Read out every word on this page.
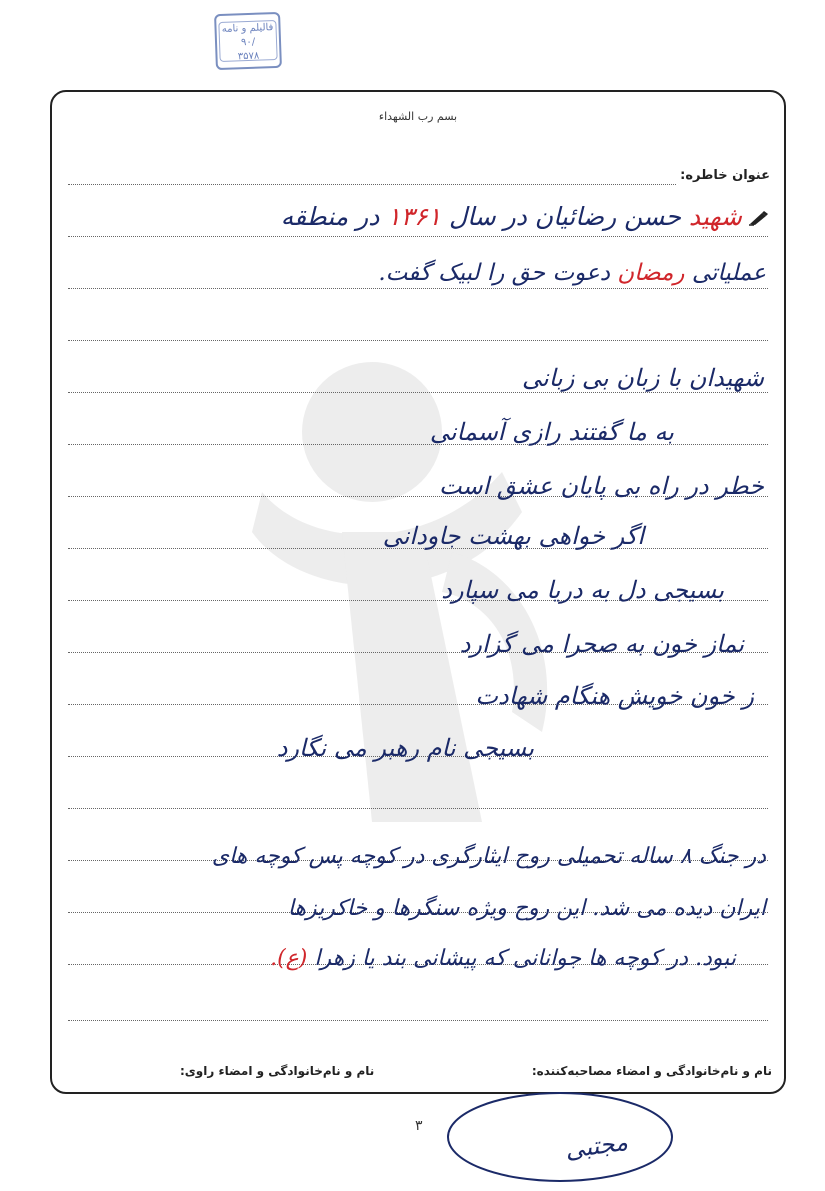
فالیلم و نامه
۹۰/
۳۵۷۸
بسم رب الشهداء
عنوان خاطره:
شهید حسن رضائیان در سال ۱۳۶۱ در منطقه
عملیاتی رمضان دعوت حق را لبیک گفت.
شهیدان با زبان بی زبانی
به ما گفتند رازی آسمانی
خطر در راه بی پایان عشق است
اگر خواهی بهشت جاودانی
بسیجی دل به دریا می سپارد
نماز خون به صحرا می گزارد
ز خون خویش هنگام شهادت
بسیجی نام رهبر می نگارد
در جنگ ۸ ساله تحمیلی روح ایثارگری در کوچه پس کوچه های
ایران دیده می شد. این روح ویژه سنگرها و خاکریزها
نبود. در کوچه ها جوانانی که پیشانی بند یا زهرا (ع).
نام و نام‌خانوادگی و امضاء مصاحبه‌کننده:
نام و نام‌خانوادگی و امضاء راوی:
۳
مجتبی
